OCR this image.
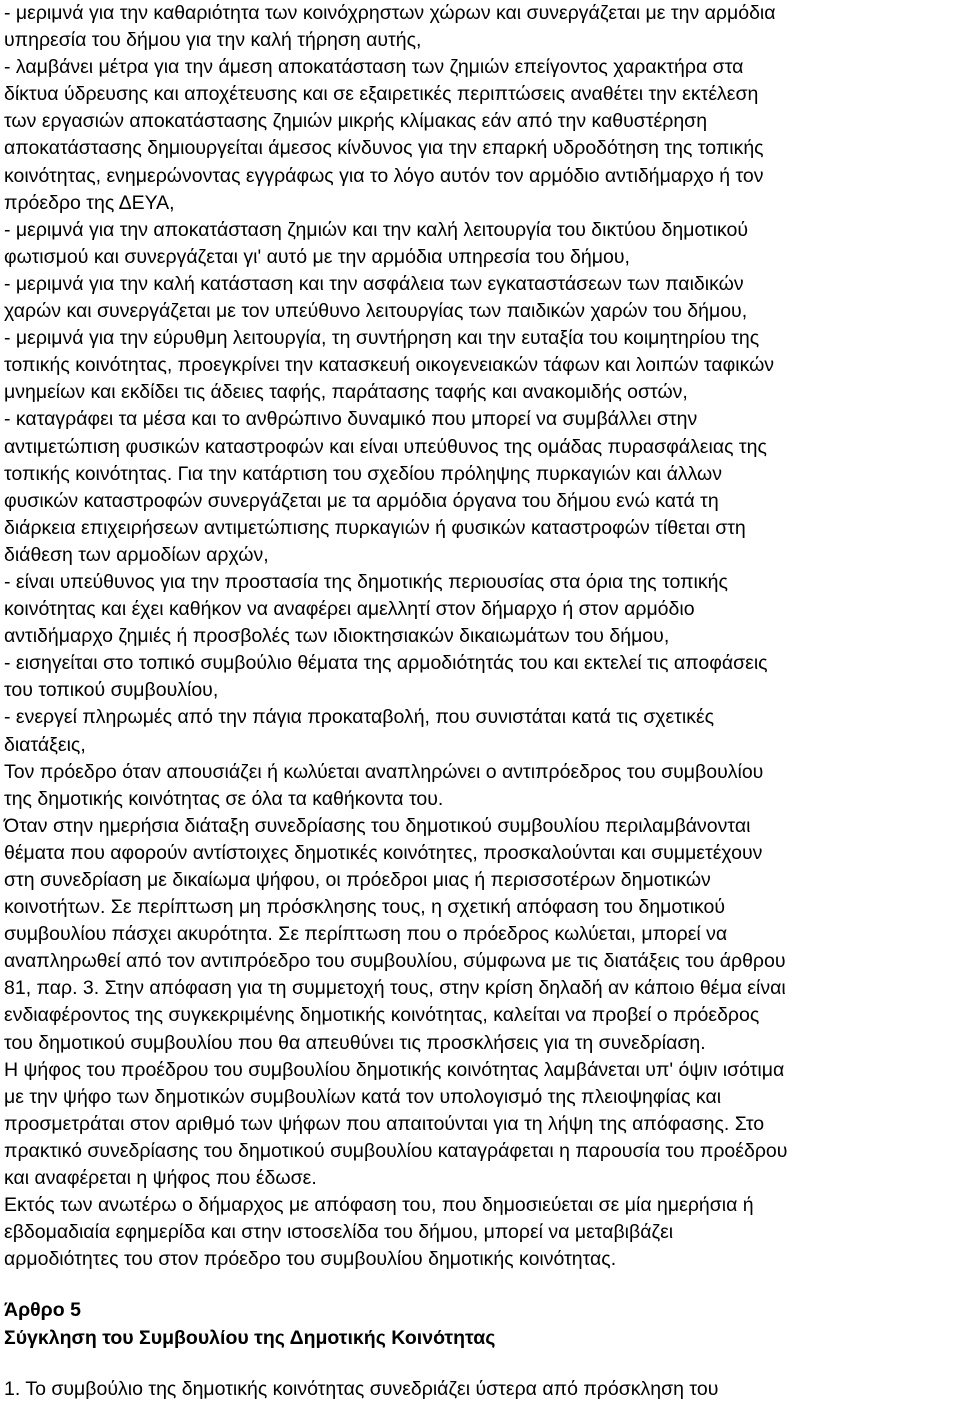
- μεριμνά για την καθαριότητα των κοινόχρηστων χώρων και συνεργάζεται με την αρμόδια
υπηρεσία του δήμου για την καλή τήρηση αυτής,
- λαμβάνει μέτρα για την άμεση αποκατάσταση των ζημιών επείγοντος χαρακτήρα στα
δίκτυα ύδρευσης και αποχέτευσης και σε εξαιρετικές περιπτώσεις αναθέτει την εκτέλεση
των εργασιών αποκατάστασης ζημιών μικρής κλίμακας εάν από την καθυστέρηση
αποκατάστασης δημιουργείται άμεσος κίνδυνος για την επαρκή υδροδότηση της τοπικής
κοινότητας, ενημερώνοντας εγγράφως για το λόγο αυτόν τον αρμόδιο αντιδήμαρχο ή τον
πρόεδρο της ΔΕΥΑ,
- μεριμνά για την αποκατάσταση ζημιών και την καλή λειτουργία του δικτύου δημοτικού
φωτισμού και συνεργάζεται γι' αυτό με την αρμόδια υπηρεσία του δήμου,
- μεριμνά για την καλή κατάσταση και την ασφάλεια των εγκαταστάσεων των παιδικών
χαρών και συνεργάζεται με τον υπεύθυνο λειτουργίας των παιδικών χαρών του δήμου,
- μεριμνά για την εύρυθμη λειτουργία, τη συντήρηση και την ευταξία του κοιμητηρίου της
τοπικής κοινότητας, προεγκρίνει την κατασκευή οικογενειακών τάφων και λοιπών ταφικών
μνημείων και εκδίδει τις άδειες ταφής, παράτασης ταφής και ανακομιδής οστών,
- καταγράφει τα μέσα και το ανθρώπινο δυναμικό που μπορεί να συμβάλλει στην
αντιμετώπιση φυσικών καταστροφών και είναι υπεύθυνος της ομάδας πυρασφάλειας της
τοπικής κοινότητας. Για την κατάρτιση του σχεδίου πρόληψης πυρκαγιών και άλλων
φυσικών καταστροφών συνεργάζεται με τα αρμόδια όργανα του δήμου ενώ κατά τη
διάρκεια επιχειρήσεων αντιμετώπισης πυρκαγιών ή φυσικών καταστροφών τίθεται στη
διάθεση των αρμοδίων αρχών,
- είναι υπεύθυνος για την προστασία της δημοτικής περιουσίας στα όρια της τοπικής
κοινότητας και έχει καθήκον να αναφέρει αμελλητί στον δήμαρχο ή στον αρμόδιο
αντιδήμαρχο ζημιές ή προσβολές των ιδιοκτησιακών δικαιωμάτων του δήμου,
- εισηγείται στο τοπικό συμβούλιο θέματα της αρμοδιότητάς του και εκτελεί τις αποφάσεις
του τοπικού συμβουλίου,
- ενεργεί πληρωμές από την πάγια προκαταβολή, που συνιστάται κατά τις σχετικές
διατάξεις,
Τον πρόεδρο όταν απουσιάζει ή κωλύεται αναπληρώνει ο αντιπρόεδρος του συμβουλίου
της δημοτικής κοινότητας σε όλα τα καθήκοντα του.
Όταν στην ημερήσια διάταξη συνεδρίασης του δημοτικού συμβουλίου περιλαμβάνονται
θέματα που αφορούν αντίστοιχες δημοτικές κοινότητες, προσκαλούνται και συμμετέχουν
στη συνεδρίαση με δικαίωμα ψήφου, οι πρόεδροι μιας ή περισσοτέρων δημοτικών
κοινοτήτων. Σε περίπτωση μη πρόσκλησης τους, η σχετική απόφαση του δημοτικού
συμβουλίου πάσχει ακυρότητα. Σε περίπτωση που ο πρόεδρος κωλύεται, μπορεί να
αναπληρωθεί από τον αντιπρόεδρο του συμβουλίου, σύμφωνα με τις διατάξεις του άρθρου
81, παρ. 3. Στην απόφαση για τη συμμετοχή τους, στην κρίση δηλαδή αν κάποιο θέμα είναι
ενδιαφέροντος της συγκεκριμένης δημοτικής κοινότητας, καλείται να προβεί ο πρόεδρος
του δημοτικού συμβουλίου που θα απευθύνει τις προσκλήσεις για τη συνεδρίαση.
Η ψήφος του προέδρου του συμβουλίου δημοτικής κοινότητας λαμβάνεται υπ' όψιν ισότιμα
με την ψήφο των δημοτικών συμβουλίων κατά τον υπολογισμό της πλειοψηφίας και
προσμετράται στον αριθμό των ψήφων που απαιτούνται για τη λήψη της απόφασης. Στο
πρακτικό συνεδρίασης του δημοτικού συμβουλίου καταγράφεται η παρουσία του προέδρου
και αναφέρεται η ψήφος που έδωσε.
Εκτός των ανωτέρω ο δήμαρχος με απόφαση του, που δημοσιεύεται σε μία ημερήσια ή
εβδομαδιαία εφημερίδα και στην ιστοσελίδα του δήμου, μπορεί να μεταβιβάζει
αρμοδιότητες του στον πρόεδρο του συμβουλίου δημοτικής κοινότητας.
Άρθρο 5
Σύγκληση του Συμβουλίου της Δημοτικής Κοινότητας
1. Το συμβούλιο της δημοτικής κοινότητας συνεδριάζει ύστερα από πρόσκληση του
